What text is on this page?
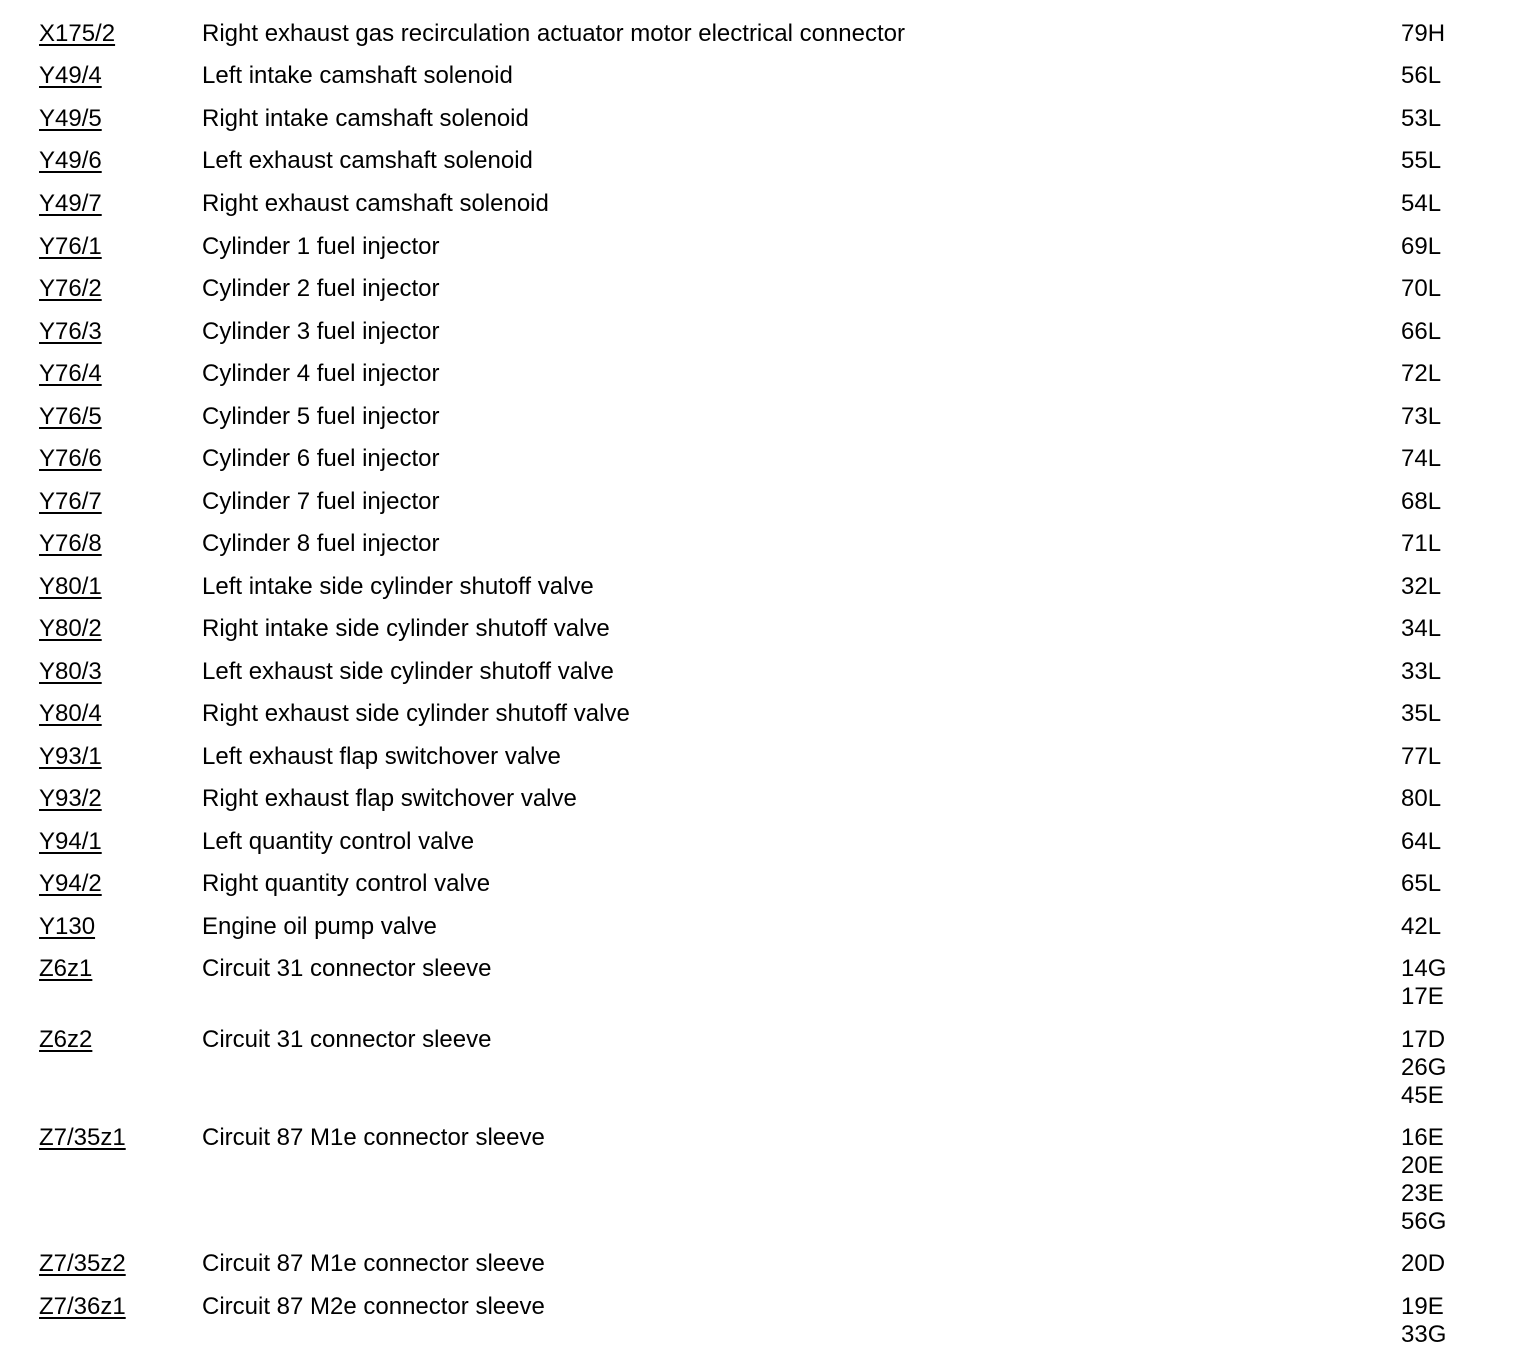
X175/2	Right exhaust gas recirculation actuator motor electrical connector	79H
Y49/4	Left intake camshaft solenoid	56L
Y49/5	Right intake camshaft solenoid	53L
Y49/6	Left exhaust camshaft solenoid	55L
Y49/7	Right exhaust camshaft solenoid	54L
Y76/1	Cylinder 1 fuel injector	69L
Y76/2	Cylinder 2 fuel injector	70L
Y76/3	Cylinder 3 fuel injector	66L
Y76/4	Cylinder 4 fuel injector	72L
Y76/5	Cylinder 5 fuel injector	73L
Y76/6	Cylinder 6 fuel injector	74L
Y76/7	Cylinder 7 fuel injector	68L
Y76/8	Cylinder 8 fuel injector	71L
Y80/1	Left intake side cylinder shutoff valve	32L
Y80/2	Right intake side cylinder shutoff valve	34L
Y80/3	Left exhaust side cylinder shutoff valve	33L
Y80/4	Right exhaust side cylinder shutoff valve	35L
Y93/1	Left exhaust flap switchover valve	77L
Y93/2	Right exhaust flap switchover valve	80L
Y94/1	Left quantity control valve	64L
Y94/2	Right quantity control valve	65L
Y130	Engine oil pump valve	42L
Z6z1	Circuit 31 connector sleeve	14G
17E
Z6z2	Circuit 31 connector sleeve	17D
26G
45E
Z7/35z1	Circuit 87 M1e connector sleeve	16E
20E
23E
56G
Z7/35z2	Circuit 87 M1e connector sleeve	20D
Z7/36z1	Circuit 87 M2e connector sleeve	19E
33G
